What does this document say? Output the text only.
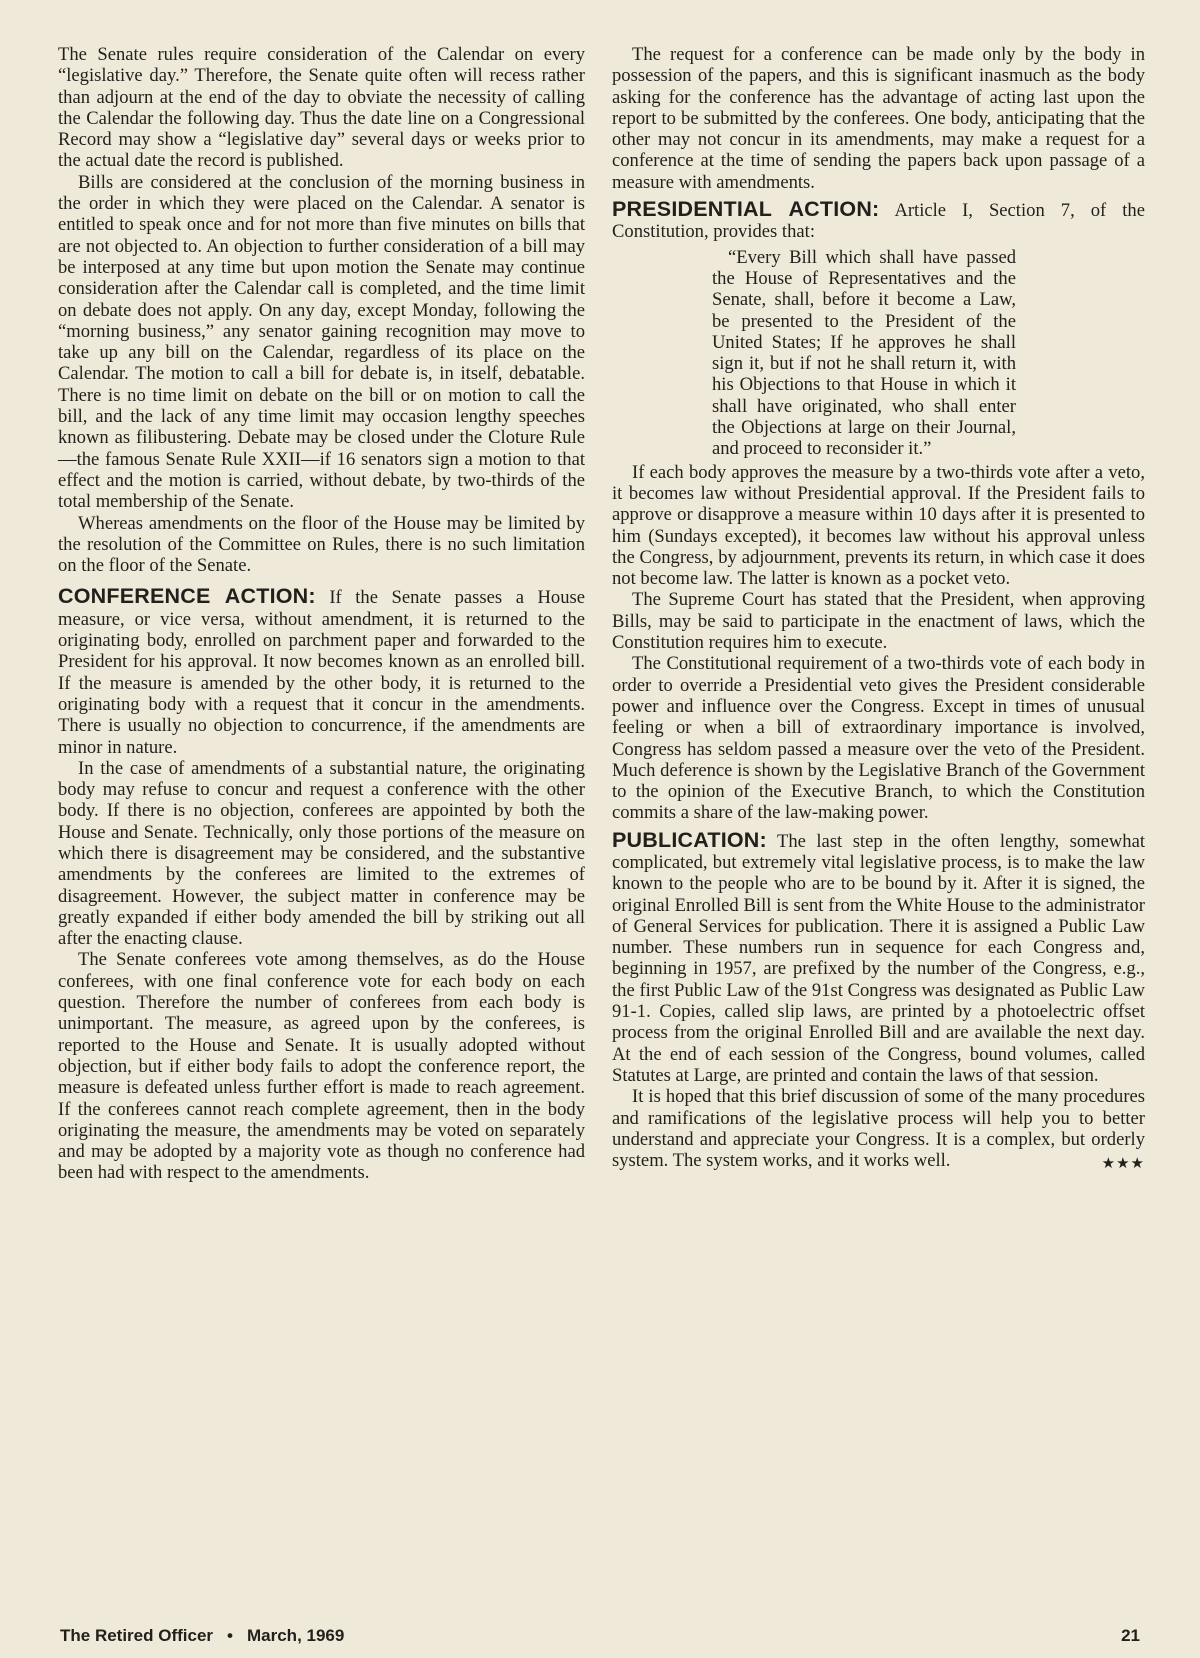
The Senate rules require consideration of the Calendar on every “legislative day.” Therefore, the Senate quite often will recess rather than adjourn at the end of the day to obviate the necessity of calling the Calendar the following day. Thus the date line on a Congressional Record may show a “legislative day” several days or weeks prior to the actual date the record is published.

Bills are considered at the conclusion of the morning business in the order in which they were placed on the Calendar. A senator is entitled to speak once and for not more than five minutes on bills that are not objected to. An objection to further consideration of a bill may be interposed at any time but upon motion the Senate may continue consideration after the Calendar call is completed, and the time limit on debate does not apply. On any day, except Monday, following the “morning business,” any senator gaining recognition may move to take up any bill on the Calendar, regardless of its place on the Calendar. The motion to call a bill for debate is, in itself, debatable. There is no time limit on debate on the bill or on motion to call the bill, and the lack of any time limit may occasion lengthy speeches known as filibustering. Debate may be closed under the Cloture Rule—the famous Senate Rule XXII—if 16 senators sign a motion to that effect and the motion is carried, without debate, by two-thirds of the total membership of the Senate.

Whereas amendments on the floor of the House may be limited by the resolution of the Committee on Rules, there is no such limitation on the floor of the Senate.

CONFERENCE ACTION: If the Senate passes a House measure, or vice versa, without amendment, it is returned to the originating body, enrolled on parchment paper and forwarded to the President for his approval. It now becomes known as an enrolled bill. If the measure is amended by the other body, it is returned to the originating body with a request that it concur in the amendments. There is usually no objection to concurrence, if the amendments are minor in nature.

In the case of amendments of a substantial nature, the originating body may refuse to concur and request a conference with the other body. If there is no objection, conferees are appointed by both the House and Senate. Technically, only those portions of the measure on which there is disagreement may be considered, and the substantive amendments by the conferees are limited to the extremes of disagreement. However, the subject matter in conference may be greatly expanded if either body amended the bill by striking out all after the enacting clause.

The Senate conferees vote among themselves, as do the House conferees, with one final conference vote for each body on each question. Therefore the number of conferees from each body is unimportant. The measure, as agreed upon by the conferees, is reported to the House and Senate. It is usually adopted without objection, but if either body fails to adopt the conference report, the measure is defeated unless further effort is made to reach agreement. If the conferees cannot reach complete agreement, then in the body originating the measure, the amendments may be voted on separately and may be adopted by a majority vote as though no conference had been had with respect to the amendments.

The request for a conference can be made only by the body in possession of the papers, and this is significant inasmuch as the body asking for the conference has the advantage of acting last upon the report to be submitted by the conferees. One body, anticipating that the other may not concur in its amendments, may make a request for a conference at the time of sending the papers back upon passage of a measure with amendments.

PRESIDENTIAL ACTION: Article I, Section 7, of the Constitution, provides that:

“Every Bill which shall have passed the House of Representatives and the Senate, shall, before it become a Law, be presented to the President of the United States; If he approves he shall sign it, but if not he shall return it, with his Objections to that House in which it shall have originated, who shall enter the Objections at large on their Journal, and proceed to reconsider it.”

If each body approves the measure by a two-thirds vote after a veto, it becomes law without Presidential approval. If the President fails to approve or disapprove a measure within 10 days after it is presented to him (Sundays excepted), it becomes law without his approval unless the Congress, by adjournment, prevents its return, in which case it does not become law. The latter is known as a pocket veto.

The Supreme Court has stated that the President, when approving Bills, may be said to participate in the enactment of laws, which the Constitution requires him to execute.

The Constitutional requirement of a two-thirds vote of each body in order to override a Presidential veto gives the President considerable power and influence over the Congress. Except in times of unusual feeling or when a bill of extraordinary importance is involved, Congress has seldom passed a measure over the veto of the President. Much deference is shown by the Legislative Branch of the Government to the opinion of the Executive Branch, to which the Constitution commits a share of the law-making power.

PUBLICATION: The last step in the often lengthy, somewhat complicated, but extremely vital legislative process, is to make the law known to the people who are to be bound by it. After it is signed, the original Enrolled Bill is sent from the White House to the administrator of General Services for publication. There it is assigned a Public Law number. These numbers run in sequence for each Congress and, beginning in 1957, are prefixed by the number of the Congress, e.g., the first Public Law of the 91st Congress was designated as Public Law 91-1. Copies, called slip laws, are printed by a photoelectric offset process from the original Enrolled Bill and are available the next day. At the end of each session of the Congress, bound volumes, called Statutes at Large, are printed and contain the laws of that session.

It is hoped that this brief discussion of some of the many procedures and ramifications of the legislative process will help you to better understand and appreciate your Congress. It is a complex, but orderly system. The system works, and it works well.	★★★

The Retired Officer • March, 1969	21
